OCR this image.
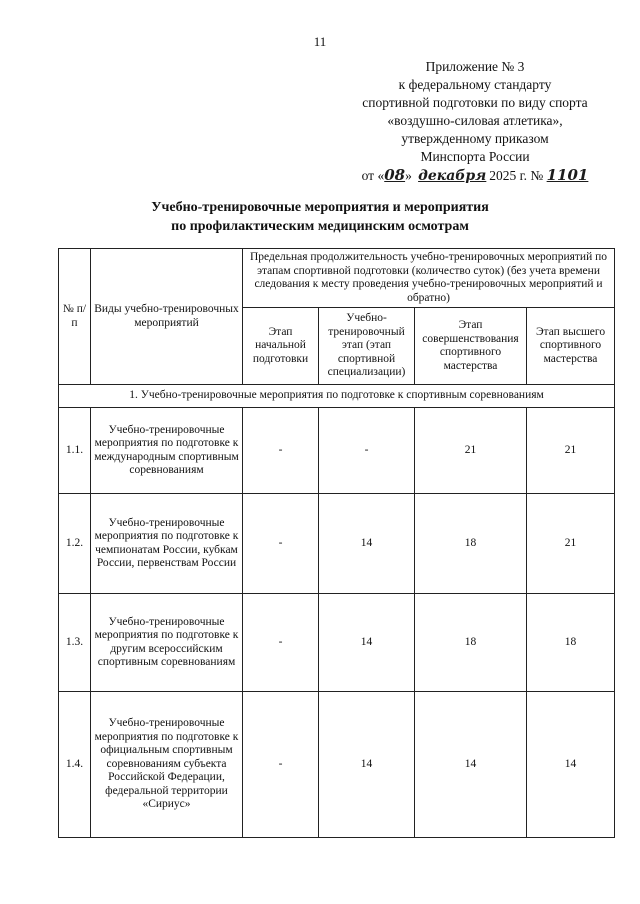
11
Приложение № 3
к федеральному стандарту
спортивной подготовки по виду спорта
«воздушно-силовая атлетика»,
утвержденному приказом
Минспорта России
от «08» декабря 2025 г. № 1101
Учебно-тренировочные мероприятия и мероприятия
по профилактическим медицинским осмотрам
№ п/п	Виды учебно-тренировочных мероприятий	Предельная продолжительность учебно-тренировочных мероприятий по этапам спортивной подготовки (количество суток) (без учета времени следования к месту проведения учебно-тренировочных мероприятий и обратно)			
		Этап начальной подготовки	Учебно-тренировочный этап (этап спортивной специализации)	Этап совершенствования спортивного мастерства	Этап высшего спортивного мастерства
1. Учебно-тренировочные мероприятия по подготовке к спортивным соревнованиям					
1.1.	Учебно-тренировочные мероприятия по подготовке к международным спортивным соревнованиям	-	-	21	21
1.2.	Учебно-тренировочные мероприятия по подготовке к чемпионатам России, кубкам России, первенствам России	-	14	18	21
1.3.	Учебно-тренировочные мероприятия по подготовке к другим всероссийским спортивным соревнованиям	-	14	18	18
1.4.	Учебно-тренировочные мероприятия по подготовке к официальным спортивным соревнованиям субъекта Российской Федерации, федеральной территории «Сириус»	-	14	14	14
